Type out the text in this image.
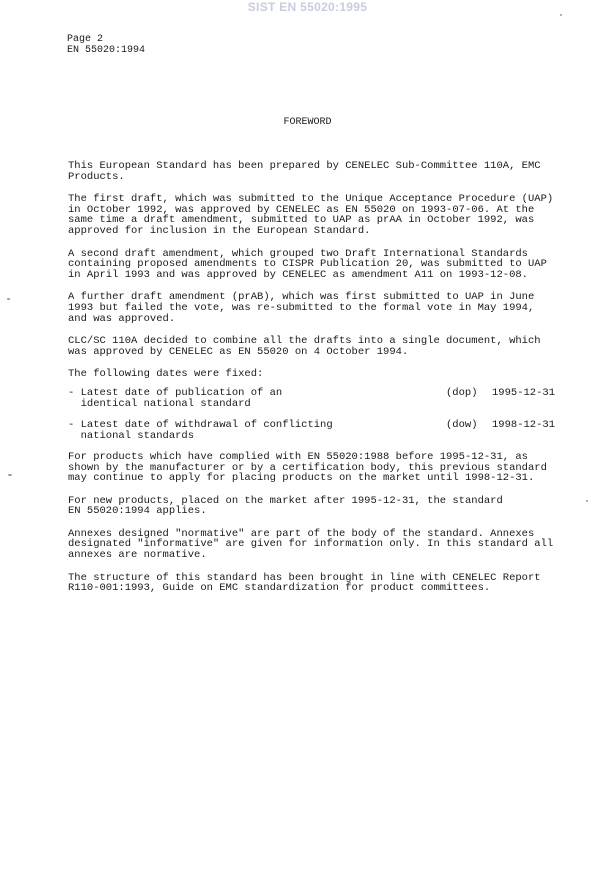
SIST EN 55020:1995
Page 2
EN 55020:1994
FOREWORD
This European Standard has been prepared by CENELEC Sub-Committee 110A, EMC
Products.
The first draft, which was submitted to the Unique Acceptance Procedure (UAP)
in October 1992, was approved by CENELEC as EN 55020 on 1993-07-06. At the
same time a draft amendment, submitted to UAP as prAA in October 1992, was
approved for inclusion in the European Standard.
A second draft amendment, which grouped two Draft International Standards
containing proposed amendments to CISPR Publication 20, was submitted to UAP
in April 1993 and was approved by CENELEC as amendment A11 on 1993-12-08.
A further draft amendment (prAB), which was first submitted to UAP in June
1993 but failed the vote, was re-submitted to the formal vote in May 1994,
and was approved.
CLC/SC 110A decided to combine all the drafts into a single document, which
was approved by CENELEC as EN 55020 on 4 October 1994.
The following dates were fixed:

- Latest date of publication of an
identical national standard

(dop)

1995-12-31

- Latest date of withdrawal of conflicting
national standards

(dow)

1998-12-31

For products which have complied with EN 55020:1988 before 1995-12-31, as
shown by the manufacturer or by a certification body, this previous standard
may continue to apply for placing products on the market until 1998-12-31.
For new products, placed on the market after 1995-12-31, the standard
EN 55020:1994 applies.
Annexes designed "normative" are part of the body of the standard. Annexes
designated "informative" are given for information only. In this standard all
annexes are normative.
The structure of this standard has been brought in line with CENELEC Report
R110-001:1993, Guide on EMC standardization for product committees.
